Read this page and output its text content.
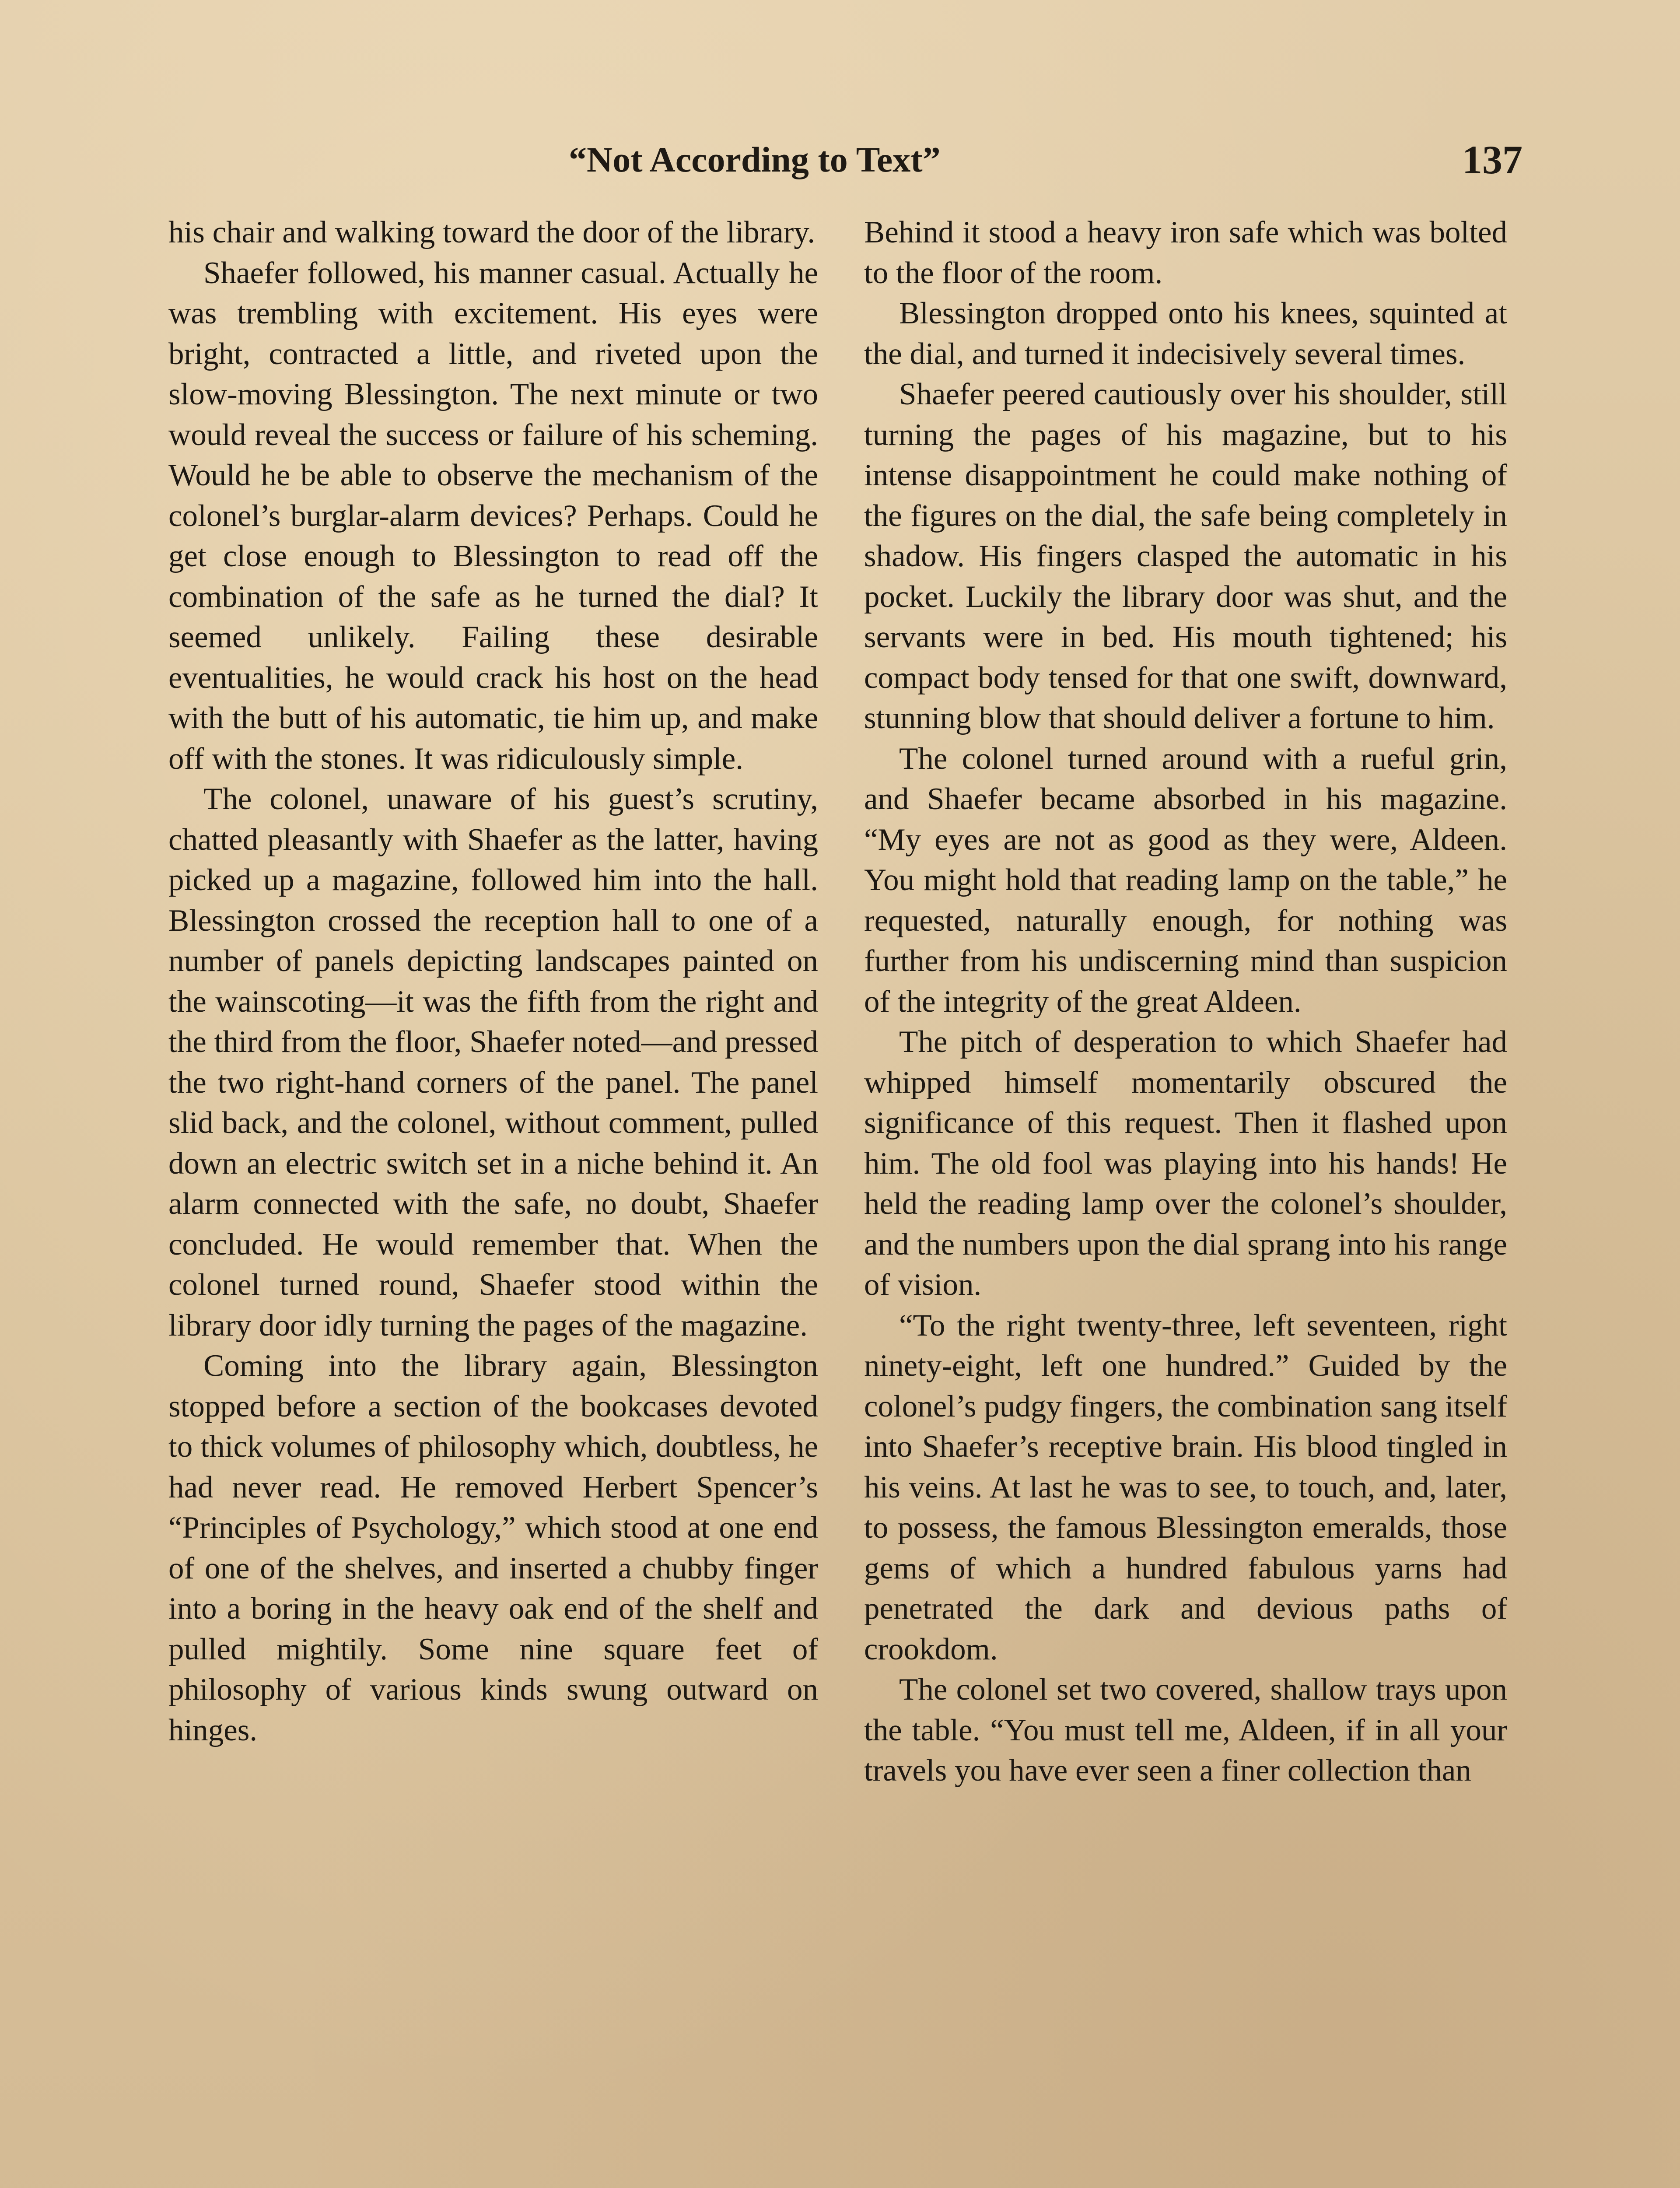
“Not According to Text”	137

his chair and walking toward the door of the library.

Shaefer followed, his manner casual. Actually he was trembling with excitement. His eyes were bright, contracted a little, and riveted upon the slow-moving Blessington. The next minute or two would reveal the success or failure of his scheming. Would he be able to observe the mechanism of the colonel’s burglar-alarm devices? Perhaps. Could he get close enough to Blessington to read off the combination of the safe as he turned the dial? It seemed unlikely. Failing these desirable eventualities, he would crack his host on the head with the butt of his automatic, tie him up, and make off with the stones. It was ridiculously simple.

The colonel, unaware of his guest’s scrutiny, chatted pleasantly with Shaefer as the latter, having picked up a magazine, followed him into the hall. Blessington crossed the reception hall to one of a number of panels depicting landscapes painted on the wainscoting—it was the fifth from the right and the third from the floor, Shaefer noted—and pressed the two right-hand corners of the panel. The panel slid back, and the colonel, without comment, pulled down an electric switch set in a niche behind it. An alarm connected with the safe, no doubt, Shaefer concluded. He would remember that. When the colonel turned round, Shaefer stood within the library door idly turning the pages of the magazine.

Coming into the library again, Blessington stopped before a section of the bookcases devoted to thick volumes of philosophy which, doubtless, he had never read. He removed Herbert Spencer’s “Principles of Psychology,” which stood at one end of one of the shelves, and inserted a chubby finger into a boring in the heavy oak end of the shelf and pulled mightily. Some nine square feet of philosophy of various kinds swung outward on hinges.

Behind it stood a heavy iron safe which was bolted to the floor of the room.

Blessington dropped onto his knees, squinted at the dial, and turned it indecisively several times.

Shaefer peered cautiously over his shoulder, still turning the pages of his magazine, but to his intense disappointment he could make nothing of the figures on the dial, the safe being completely in shadow. His fingers clasped the automatic in his pocket. Luckily the library door was shut, and the servants were in bed. His mouth tightened; his compact body tensed for that one swift, downward, stunning blow that should deliver a fortune to him.

The colonel turned around with a rueful grin, and Shaefer became absorbed in his magazine. “My eyes are not as good as they were, Aldeen. You might hold that reading lamp on the table,” he requested, naturally enough, for nothing was further from his undiscerning mind than suspicion of the integrity of the great Aldeen.

The pitch of desperation to which Shaefer had whipped himself momentarily obscured the significance of this request. Then it flashed upon him. The old fool was playing into his hands! He held the reading lamp over the colonel’s shoulder, and the numbers upon the dial sprang into his range of vision.

“To the right twenty-three, left seventeen, right ninety-eight, left one hundred.” Guided by the colonel’s pudgy fingers, the combination sang itself into Shaefer’s receptive brain. His blood tingled in his veins. At last he was to see, to touch, and, later, to possess, the famous Blessington emeralds, those gems of which a hundred fabulous yarns had penetrated the dark and devious paths of crookdom.

The colonel set two covered, shallow trays upon the table. “You must tell me, Aldeen, if in all your travels you have ever seen a finer collection than
